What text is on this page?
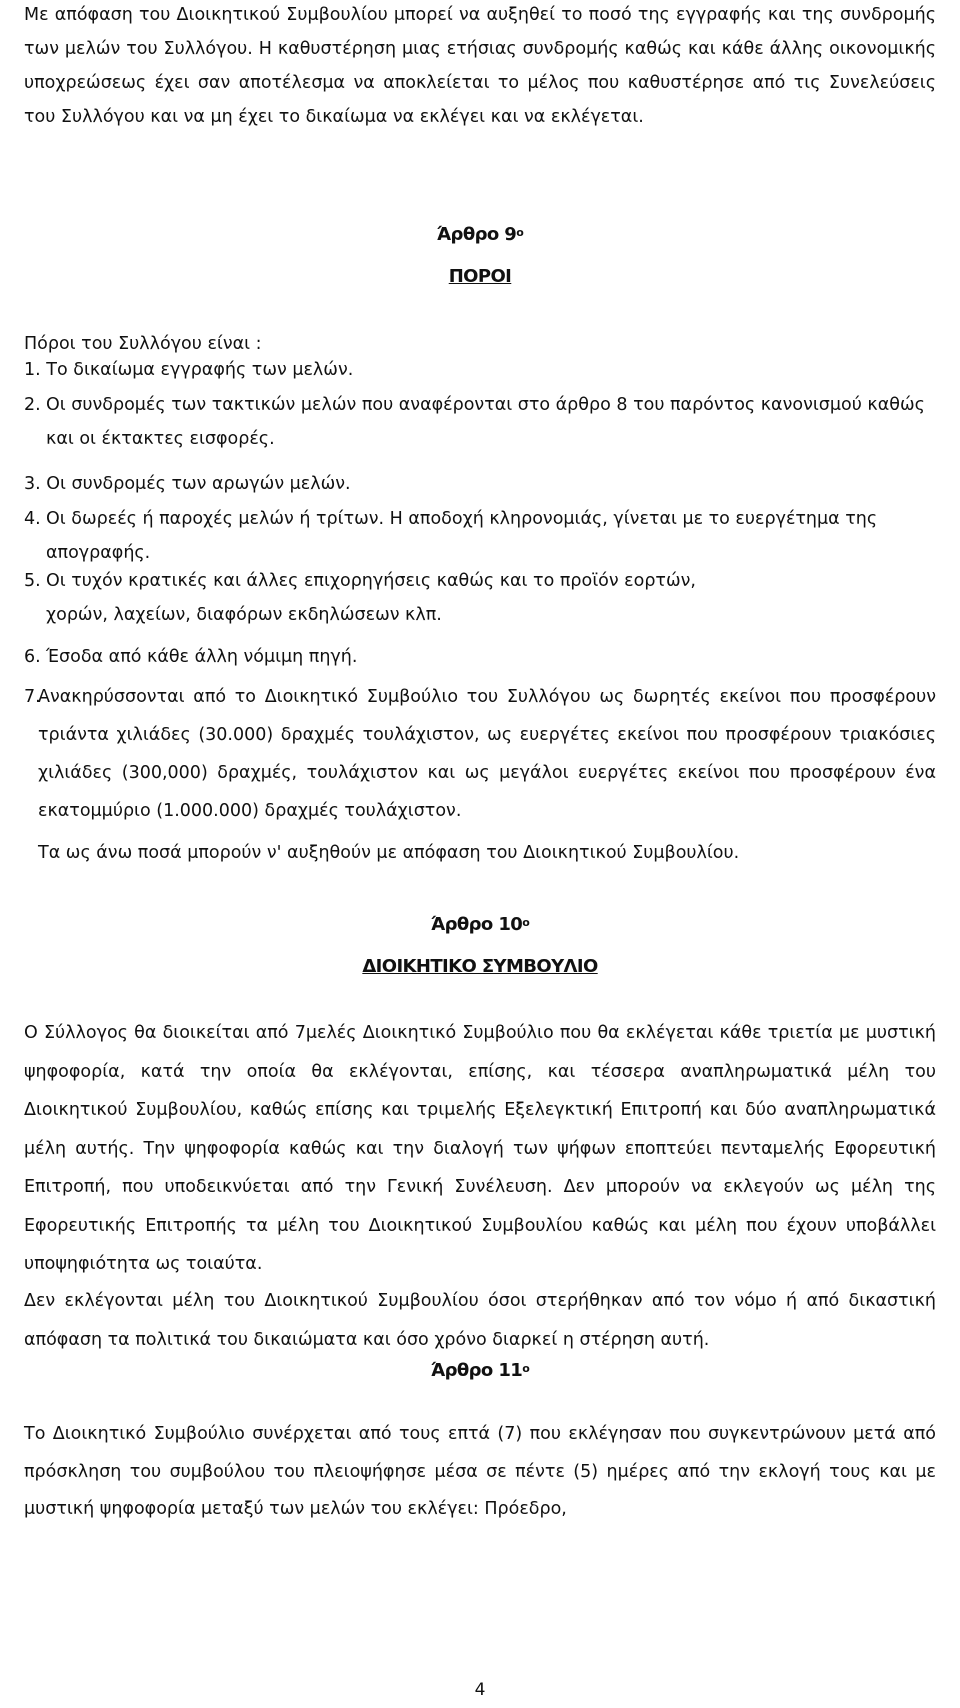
Με απόφαση του Διοικητικού Συμβουλίου μπορεί να αυξηθεί το ποσό της εγγραφής και της συνδρομής των μελών του Συλλόγου. Η καθυστέρηση μιας ετήσιας συνδρομής καθώς και κάθε άλλης οικονομικής υποχρεώσεως έχει σαν αποτέλεσμα να αποκλείεται το μέλος που καθυστέρησε από τις Συνελεύσεις του Συλλόγου και να μη έχει το δικαίωμα να εκλέγει και να εκλέγεται.

Άρθρο $9^o$

ΠΟΡΟΙ

Πόροι του Συλλόγου είναι :

1. Το δικαίωμα εγγραφής των μελών.
2. Οι συνδρομές των τακτικών μελών που αναφέρονται στο άρθρο 8 του παρόντος κανονισμού καθώς και οι έκτακτες εισφορές.
3. Οι συνδρομές των αρωγών μελών.
4. Οι δωρεές ή παροχές μελών ή τρίτων. Η αποδοχή κληρονομιάς, γίνεται με το ευεργέτημα της απογραφής.
5. Οι τυχόν κρατικές και άλλες επιχορηγήσεις καθώς και το προϊόν εορτών, χορών, λαχείων, διαφόρων εκδηλώσεων κλπ.
6. Έσοδα από κάθε άλλη νόμιμη πηγή.
7.
Ανακηρύσσονται από το Διοικητικό Συμβούλιο του Συλλόγου ως δωρητές εκείνοι που προσφέρουν τριάντα χιλιάδες (30.000) δραχμές τουλάχιστον, ως ευεργέτες εκείνοι που προσφέρουν τριακόσιες χιλιάδες (300,000) δραχμές, τουλάχιστον και ως μεγάλοι ευεργέτες εκείνοι που προσφέρουν ένα εκατομμύριο (1.000.000) δραχμές τουλάχιστον.

Τα ως άνω ποσά μπορούν ν' αυξηθούν με απόφαση του Διοικητικού Συμβουλίου.

Άρθρο $10^o$

ΔΙΟΙΚΗΤΙΚΟ ΣΥΜΒΟΥΛΙΟ

Ο Σύλλογος θα διοικείται από 7μελές Διοικητικό Συμβούλιο που θα εκλέγεται κάθε τριετία με μυστική ψηφοφορία, κατά την οποία θα εκλέγονται, επίσης, και τέσσερα αναπληρωματικά μέλη του Διοικητικού Συμβουλίου, καθώς επίσης και τριμελής Εξελεγκτική Επιτροπή και δύο αναπληρωματικά μέλη αυτής. Την ψηφοφορία καθώς και την διαλογή των ψήφων εποπτεύει πενταμελής Εφορευτική Επιτροπή, που υποδεικνύεται από την Γενική Συνέλευση. Δεν μπορούν να εκλεγούν ως μέλη της Εφορευτικής Επιτροπής τα μέλη του Διοικητικού Συμβουλίου καθώς και μέλη που έχουν υποβάλλει υποψηφιότητα ως τοιαύτα.

Δεν εκλέγονται μέλη του Διοικητικού Συμβουλίου όσοι στερήθηκαν από τον νόμο ή από δικαστική απόφαση τα πολιτικά του δικαιώματα και όσο χρόνο διαρκεί η στέρηση αυτή.

Άρθρο $11^o$

Το Διοικητικό Συμβούλιο συνέρχεται από τους επτά (7) που εκλέγησαν που συγκεντρώνουν μετά από πρόσκληση του συμβούλου του πλειοψήφησε μέσα σε πέντε (5) ημέρες από την εκλογή τους και με μυστική ψηφοφορία μεταξύ των μελών του εκλέγει: Πρόεδρο,

4
